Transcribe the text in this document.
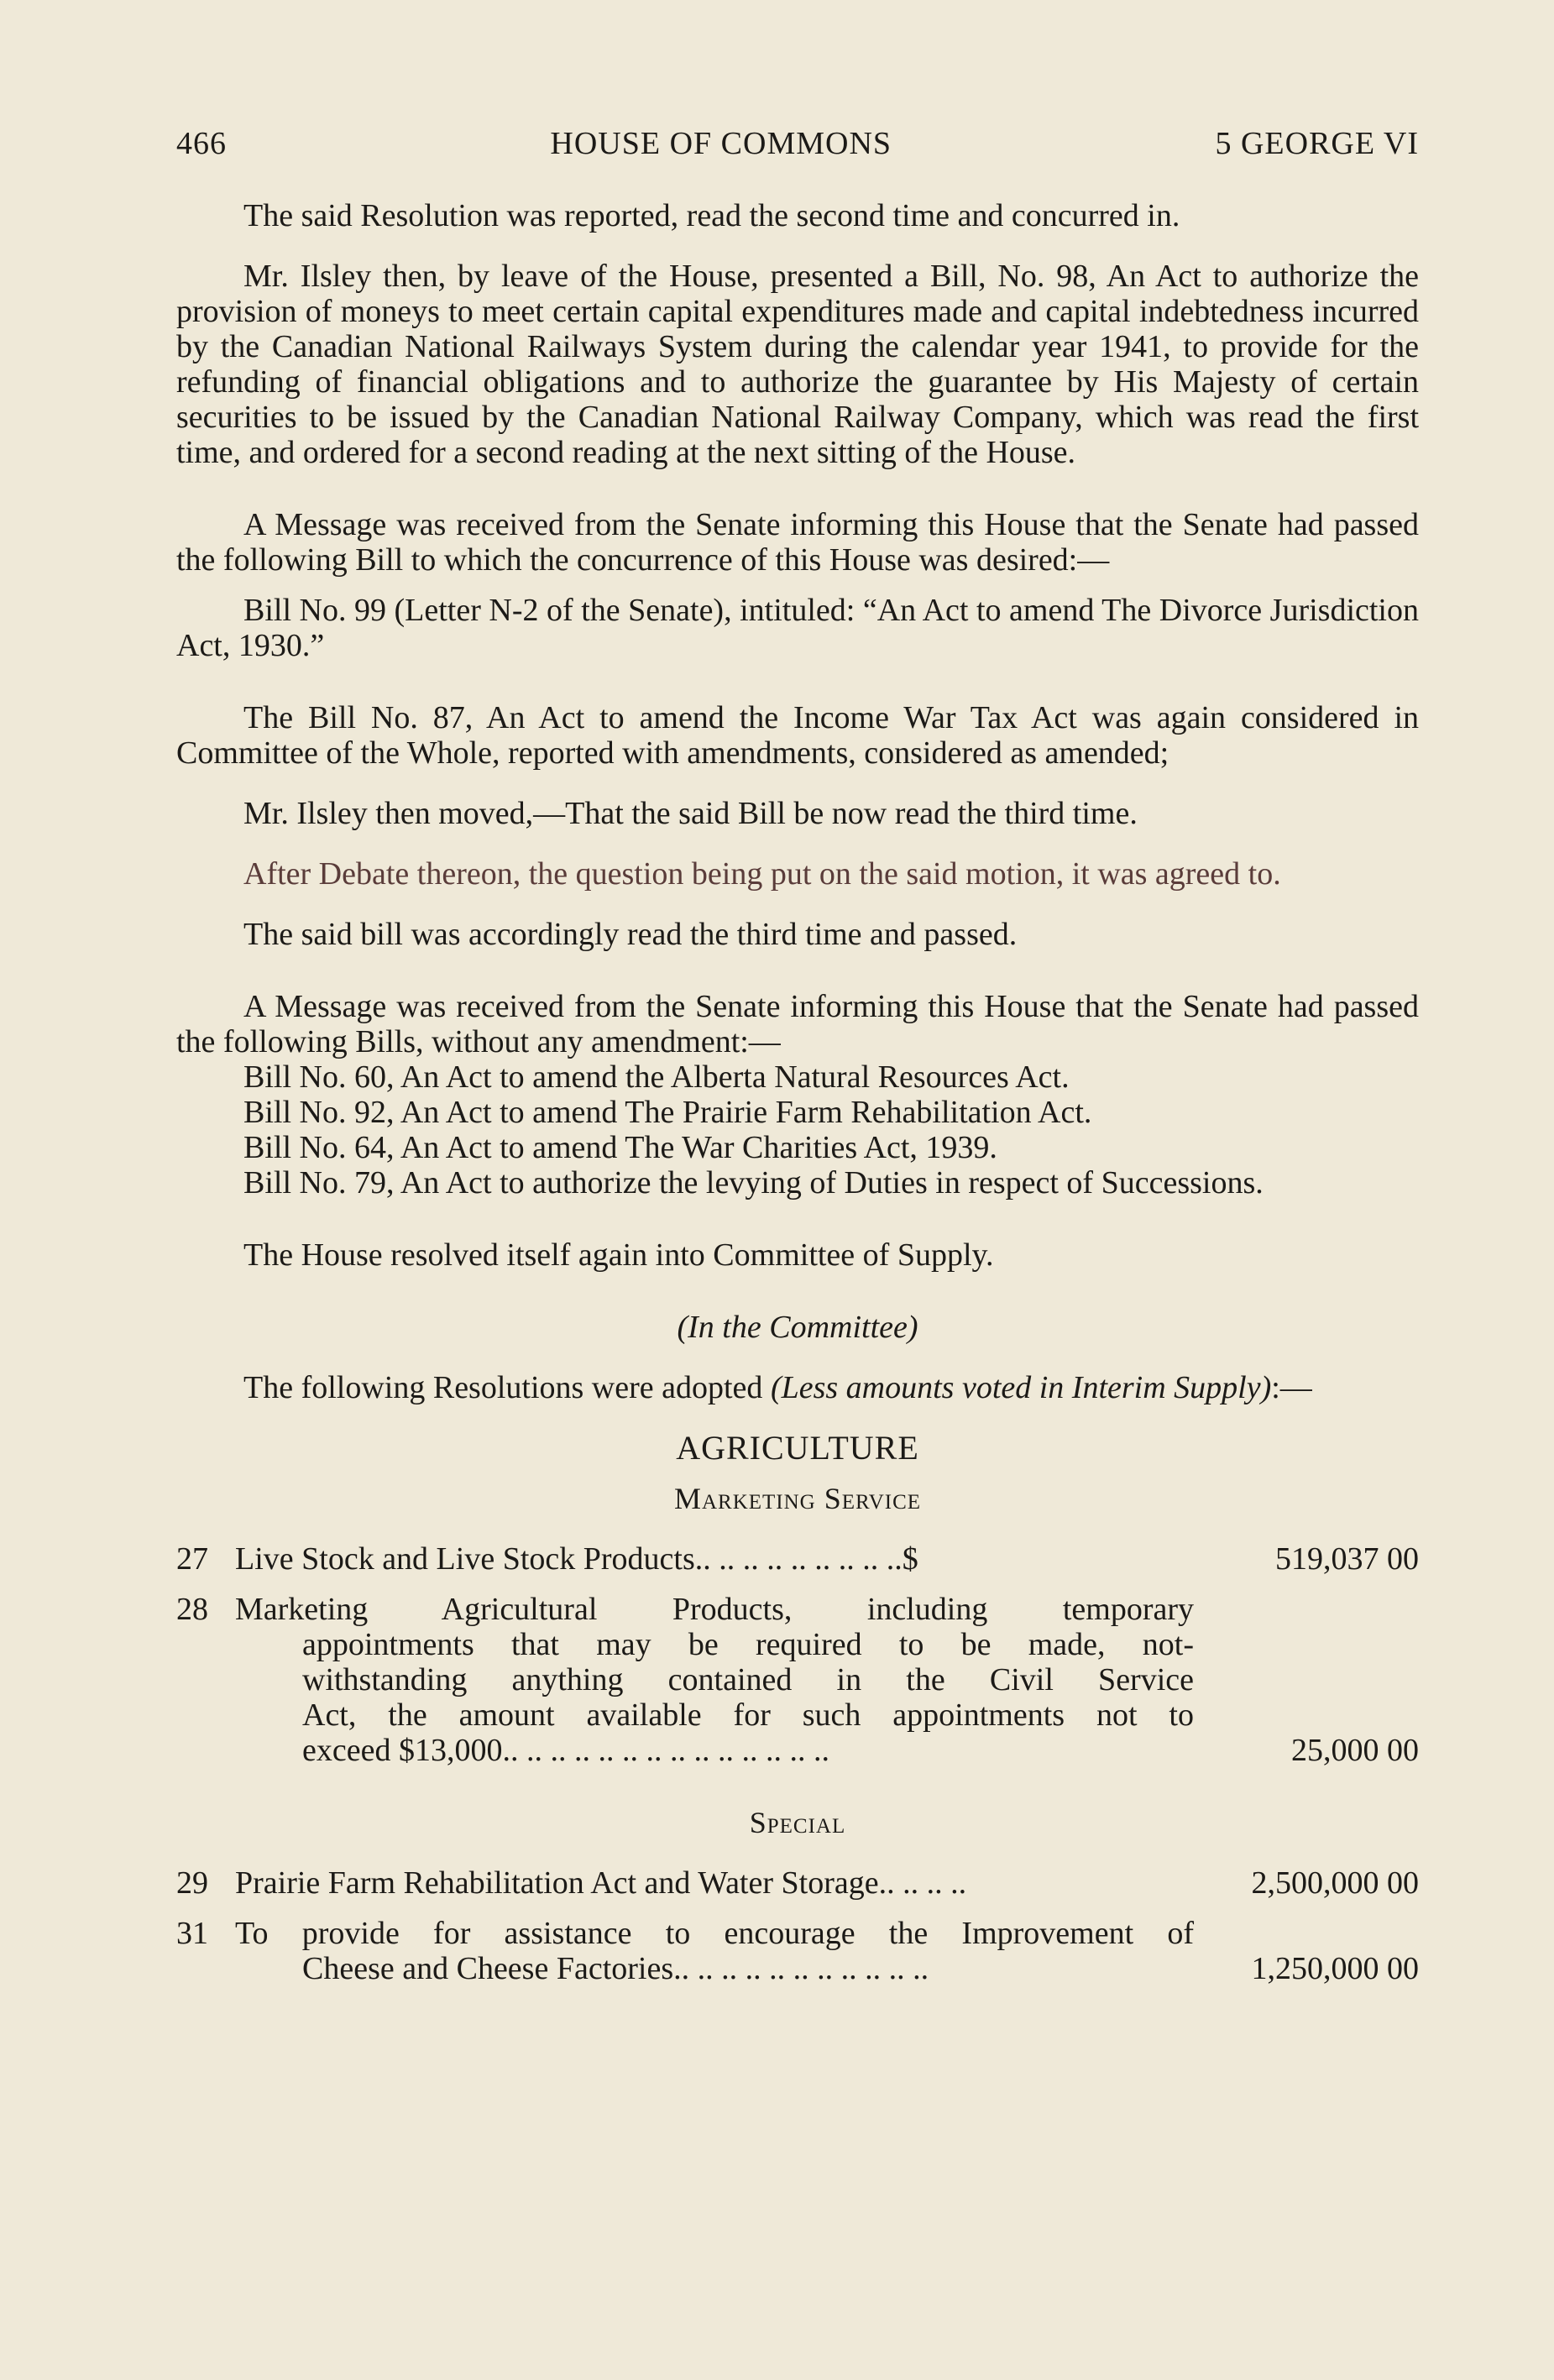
466	HOUSE OF COMMONS	5 GEORGE VI

The said Resolution was reported, read the second time and concurred in.

Mr. Ilsley then, by leave of the House, presented a Bill, No. 98, An Act to authorize the provision of moneys to meet certain capital expenditures made and capital indebtedness incurred by the Canadian National Railways System during the calendar year 1941, to provide for the refunding of financial obligations and to authorize the guarantee by His Majesty of certain securities to be issued by the Canadian National Railway Company, which was read the first time, and ordered for a second reading at the next sitting of the House.

A Message was received from the Senate informing this House that the Senate had passed the following Bill to which the concurrence of this House was desired:—

Bill No. 99 (Letter N-2 of the Senate), intituled: “An Act to amend The Divorce Jurisdiction Act, 1930.”

The Bill No. 87, An Act to amend the Income War Tax Act was again considered in Committee of the Whole, reported with amendments, considered as amended;

Mr. Ilsley then moved,—That the said Bill be now read the third time.

After Debate thereon, the question being put on the said motion, it was agreed to.

The said bill was accordingly read the third time and passed.

A Message was received from the Senate informing this House that the Senate had passed the following Bills, without any amendment:—

Bill No. 60, An Act to amend the Alberta Natural Resources Act.

Bill No. 92, An Act to amend The Prairie Farm Rehabilitation Act.

Bill No. 64, An Act to amend The War Charities Act, 1939.

Bill No. 79, An Act to authorize the levying of Duties in respect of Successions.

The House resolved itself again into Committee of Supply.

(In the Committee)

The following Resolutions were adopted (Less amounts voted in Interim Supply):—

AGRICULTURE

Marketing Service

27 Live Stock and Live Stock Products.. .. .. .. .. .. .. .. ..$	519,037 00
28 Marketing Agricultural Products, including temporary
appointments that may be required to be made, not-
withstanding anything contained in the Civil Service
Act, the amount available for such appointments not to
exceed $13,000.. .. .. .. .. .. .. .. .. .. .. .. .. ..	25,000 00

Special

29 Prairie Farm Rehabilitation Act and Water Storage.. .. .. ..	2,500,000 00
31 To provide for assistance to encourage the Improvement of
Cheese and Cheese Factories.. .. .. .. .. .. .. .. .. .. ..	1,250,000 00
